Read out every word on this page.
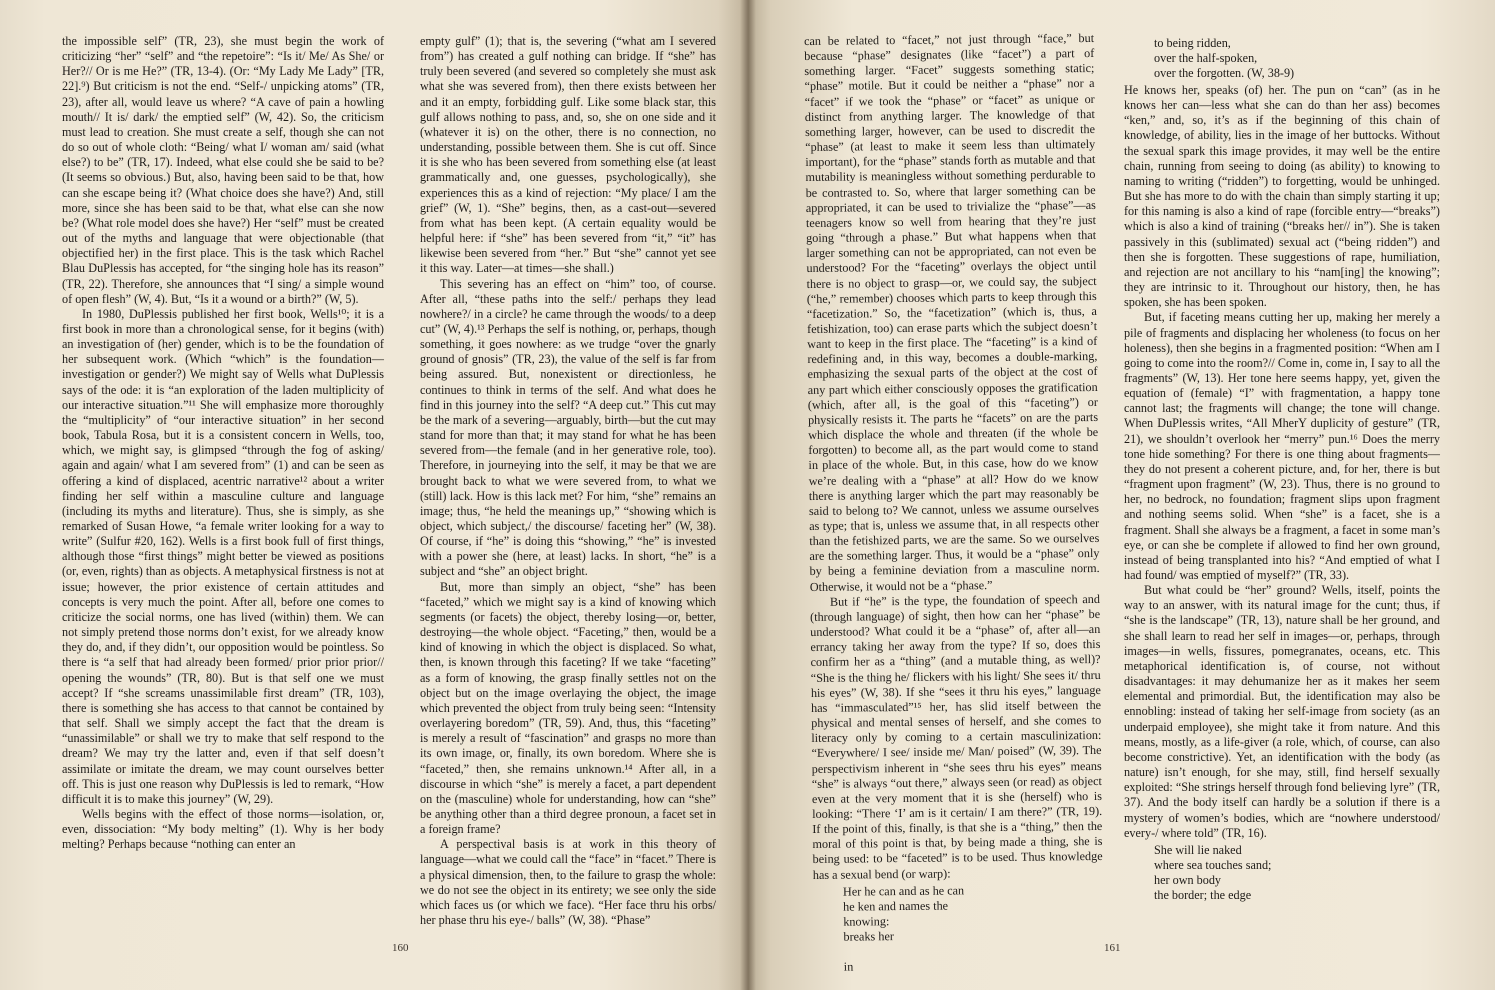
the impossible self” (TR, 23), she must begin the work of criticizing “her” “self” and “the repetoire”: “Is it/ Me/ As She/ or Her?// Or is me He?” (TR, 13-4). (Or: “My Lady Me Lady” [TR, 22].⁹) But criticism is not the end. “Self-/ unpicking atoms” (TR, 23), after all, would leave us where? “A cave of pain a howling mouth// It is/ dark/ the emptied self” (W, 42). So, the criticism must lead to creation. She must create a self, though she can not do so out of whole cloth: “Being/ what I/ woman am/ said (what else?) to be” (TR, 17). Indeed, what else could she be said to be? (It seems so obvious.) But, also, having been said to be that, how can she escape being it? (What choice does she have?) And, still more, since she has been said to be that, what else can she now be? (What role model does she have?) Her “self” must be created out of the myths and language that were objectionable (that objectified her) in the first place. This is the task which Rachel Blau DuPlessis has accepted, for “the singing hole has its reason” (TR, 22). Therefore, she announces that “I sing/ a simple wound of open flesh” (W, 4). But, “Is it a wound or a birth?” (W, 5).

In 1980, DuPlessis published her first book, Wells¹⁰; it is a first book in more than a chronological sense, for it begins (with) an investigation of (her) gender, which is to be the foundation of her subsequent work. (Which “which” is the foundation—investigation or gender?) We might say of Wells what DuPlessis says of the ode: it is “an exploration of the laden multiplicity of our interactive situation.”¹¹ She will emphasize more thoroughly the “multiplicity” of “our interactive situation” in her second book, Tabula Rosa, but it is a consistent concern in Wells, too, which, we might say, is glimpsed “through the fog of asking/ again and again/ what I am severed from” (1) and can be seen as offering a kind of displaced, acentric narrative¹² about a writer finding her self within a masculine culture and language (including its myths and literature). Thus, she is simply, as she remarked of Susan Howe, “a female writer looking for a way to write” (Sulfur #20, 162). Wells is a first book full of first things, although those “first things” might better be viewed as positions (or, even, rights) than as objects. A metaphysical firstness is not at issue; however, the prior existence of certain attitudes and concepts is very much the point. After all, before one comes to criticize the social norms, one has lived (within) them. We can not simply pretend those norms don’t exist, for we already know they do, and, if they didn’t, our opposition would be pointless. So there is “a self that had already been formed/ prior prior prior// opening the wounds” (TR, 80). But is that self one we must accept? If “she screams unassimilable first dream” (TR, 103), there is something she has access to that cannot be contained by that self. Shall we simply accept the fact that the dream is “unassimilable” or shall we try to make that self respond to the dream? We may try the latter and, even if that self doesn’t assimilate or imitate the dream, we may count ourselves better off. This is just one reason why DuPlessis is led to remark, “How difficult it is to make this journey” (W, 29).

Wells begins with the effect of those norms—isolation, or, even, dissociation: “My body melting” (1). Why is her body melting? Perhaps because “nothing can enter an

empty gulf” (1); that is, the severing (“what am I severed from”) has created a gulf nothing can bridge. If “she” has truly been severed (and severed so completely she must ask what she was severed from), then there exists between her and it an empty, forbidding gulf. Like some black star, this gulf allows nothing to pass, and, so, she on one side and it (whatever it is) on the other, there is no connection, no understanding, possible between them. She is cut off. Since it is she who has been severed from something else (at least grammatically and, one guesses, psychologically), she experiences this as a kind of rejection: “My place/ I am the grief” (W, 1). “She” begins, then, as a cast-out—severed from what has been kept. (A certain equality would be helpful here: if “she” has been severed from “it,” “it” has likewise been severed from “her.” But “she” cannot yet see it this way. Later—at times—she shall.)

This severing has an effect on “him” too, of course. After all, “these paths into the self:/ perhaps they lead nowhere?/ in a circle? he came through the woods/ to a deep cut” (W, 4).¹³ Perhaps the self is nothing, or, perhaps, though something, it goes nowhere: as we trudge “over the gnarly ground of gnosis” (TR, 23), the value of the self is far from being assured. But, nonexistent or directionless, he continues to think in terms of the self. And what does he find in this journey into the self? “A deep cut.” This cut may be the mark of a severing—arguably, birth—but the cut may stand for more than that; it may stand for what he has been severed from—the female (and in her generative role, too). Therefore, in journeying into the self, it may be that we are brought back to what we were severed from, to what we (still) lack. How is this lack met? For him, “she” remains an image; thus, “he held the meanings up,” “showing which is object, which subject,/ the discourse/ faceting her” (W, 38). Of course, if “he” is doing this “showing,” “he” is invested with a power she (here, at least) lacks. In short, “he” is a subject and “she” an object bright.

But, more than simply an object, “she” has been “faceted,” which we might say is a kind of knowing which segments (or facets) the object, thereby losing—or, better, destroying—the whole object. “Faceting,” then, would be a kind of knowing in which the object is displaced. So what, then, is known through this faceting? If we take “faceting” as a form of knowing, the grasp finally settles not on the object but on the image overlaying the object, the image which prevented the object from truly being seen: “Intensity overlayering boredom” (TR, 59). And, thus, this “faceting” is merely a result of “fascination” and grasps no more than its own image, or, finally, its own boredom. Where she is “faceted,” then, she remains unknown.¹⁴ After all, in a discourse in which “she” is merely a facet, a part dependent on the (masculine) whole for understanding, how can “she” be anything other than a third degree pronoun, a facet set in a foreign frame?

A perspectival basis is at work in this theory of language—what we could call the “face” in “facet.” There is a physical dimension, then, to the failure to grasp the whole: we do not see the object in its entirety; we see only the side which faces us (or which we face). “Her face thru his orbs/ her phase thru his eye-/ balls” (W, 38). “Phase”

160

can be related to “facet,” not just through “face,” but because “phase” designates (like “facet”) a part of something larger. “Facet” suggests something static; “phase” motile. But it could be neither a “phase” nor a “facet” if we took the “phase” or “facet” as unique or distinct from anything larger. The knowledge of that something larger, however, can be used to discredit the “phase” (at least to make it seem less than ultimately important), for the “phase” stands forth as mutable and that mutability is meaningless without something perdurable to be contrasted to. So, where that larger something can be appropriated, it can be used to trivialize the “phase”—as teenagers know so well from hearing that they’re just going “through a phase.” But what happens when that larger something can not be appropriated, can not even be understood? For the “faceting” overlays the object until there is no object to grasp—or, we could say, the subject (“he,” remember) chooses which parts to keep through this “facetization.” So, the “facetization” (which is, thus, a fetishization, too) can erase parts which the subject doesn’t want to keep in the first place. The “faceting” is a kind of redefining and, in this way, becomes a double-marking, emphasizing the sexual parts of the object at the cost of any part which either consciously opposes the gratification (which, after all, is the goal of this “faceting”) or physically resists it. The parts he “facets” on are the parts which displace the whole and threaten (if the whole be forgotten) to become all, as the part would come to stand in place of the whole. But, in this case, how do we know we’re dealing with a “phase” at all? How do we know there is anything larger which the part may reasonably be said to belong to? We cannot, unless we assume ourselves as type; that is, unless we assume that, in all respects other than the fetishized parts, we are the same. So we ourselves are the something larger. Thus, it would be a “phase” only by being a feminine deviation from a masculine norm. Otherwise, it would not be a “phase.”

But if “he” is the type, the foundation of speech and (through language) of sight, then how can her “phase” be understood? What could it be a “phase” of, after all—an errancy taking her away from the type? If so, does this confirm her as a “thing” (and a mutable thing, as well)? “She is the thing he/ flickers with his light/ She sees it/ thru his eyes” (W, 38). If she “sees it thru his eyes,” language has “immasculated”¹⁵ her, has slid itself between the physical and mental senses of herself, and she comes to literacy only by coming to a certain masculinization: “Everywhere/ I see/ inside me/ Man/ poised” (W, 39). The perspectivism inherent in “she sees thru his eyes” means “she” is always “out there,” always seen (or read) as object even at the very moment that it is she (herself) who is looking: “There ‘I’ am is it certain/ I am there?” (TR, 19). If the point of this, finally, is that she is a “thing,” then the moral of this point is that, by being made a thing, she is being used: to be “faceted” is to be used. Thus knowledge has a sexual bend (or warp):

Her he can and as he can
he ken and names the
knowing:
breaks her

in
to being ridden,
over the half-spoken,
over the forgotten. (W, 38-9)

He knows her, speaks (of) her. The pun on “can” (as in he knows her can—less what she can do than her ass) becomes “ken,” and, so, it’s as if the beginning of this chain of knowledge, of ability, lies in the image of her buttocks. Without the sexual spark this image provides, it may well be the entire chain, running from seeing to doing (as ability) to knowing to naming to writing (“ridden”) to forgetting, would be unhinged. But she has more to do with the chain than simply starting it up; for this naming is also a kind of rape (forcible entry—“breaks”) which is also a kind of training (“breaks her// in”). She is taken passively in this (sublimated) sexual act (“being ridden”) and then she is forgotten. These suggestions of rape, humiliation, and rejection are not ancillary to his “nam[ing] the knowing”; they are intrinsic to it. Throughout our history, then, he has spoken, she has been spoken.

But, if faceting means cutting her up, making her merely a pile of fragments and displacing her wholeness (to focus on her holeness), then she begins in a fragmented position: “When am I going to come into the room?// Come in, come in, I say to all the fragments” (W, 13). Her tone here seems happy, yet, given the equation of (female) “I” with fragmentation, a happy tone cannot last; the fragments will change; the tone will change. When DuPlessis writes, “All MherY duplicity of gesture” (TR, 21), we shouldn’t overlook her “merry” pun.¹⁶ Does the merry tone hide something? For there is one thing about fragments—they do not present a coherent picture, and, for her, there is but “fragment upon fragment” (W, 23). Thus, there is no ground to her, no bedrock, no foundation; fragment slips upon fragment and nothing seems solid. When “she” is a facet, she is a fragment. Shall she always be a fragment, a facet in some man’s eye, or can she be complete if allowed to find her own ground, instead of being transplanted into his? “And emptied of what I had found/ was emptied of myself?” (TR, 33).

But what could be “her” ground? Wells, itself, points the way to an answer, with its natural image for the cunt; thus, if “she is the landscape” (TR, 13), nature shall be her ground, and she shall learn to read her self in images—or, perhaps, through images—in wells, fissures, pomegranates, oceans, etc. This metaphorical identification is, of course, not without disadvantages: it may dehumanize her as it makes her seem elemental and primordial. But, the identification may also be ennobling: instead of taking her self-image from society (as an underpaid employee), she might take it from nature. And this means, mostly, as a life-giver (a role, which, of course, can also become constrictive). Yet, an identification with the body (as nature) isn’t enough, for she may, still, find herself sexually exploited: “She strings herself through fond believing lyre” (TR, 37). And the body itself can hardly be a solution if there is a mystery of women’s bodies, which are “nowhere understood/ every-/ where told” (TR, 16).

She will lie naked
where sea touches sand;
her own body
the border; the edge
161
